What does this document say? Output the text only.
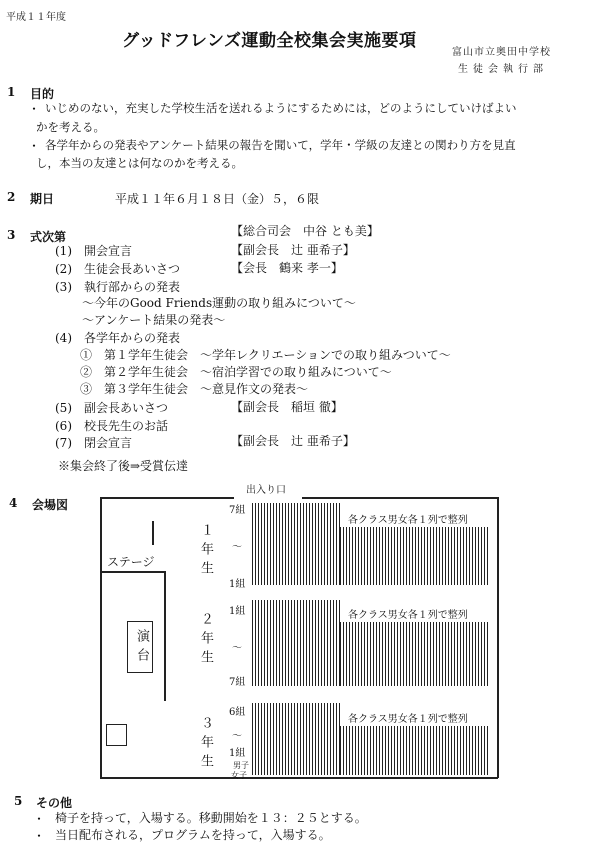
平成１１年度
グッドフレンズ運動全校集会実施要項
富山市立奥田中学校
生徒会執行部
1 目的
・ いじめのない，充実した学校生活を送れるようにするためには，どのようにしていけばよい
かを考える。
・ 各学年からの発表やアンケート結果の報告を聞いて，学年・学級の友達との関わり方を見直
し，本当の友達とは何なのかを考える。
2 期日	平成１１年６月１８日（金）５，６限
3 式次第	【総合司会　中谷 とも美】
(1)　開会宣言	【副会長　辻 亜希子】
(2)　生徒会長あいさつ	【会長　鶴来 孝一】
(3)　執行部からの発表
〜今年のGood Friends運動の取り組みについて〜
〜アンケート結果の発表〜
(4)　各学年からの発表
①　第１学年生徒会 〜学年レクリエーションでの取り組みついて〜
②　第２学年生徒会 〜宿泊学習での取り組みについて〜
③　第３学年生徒会 〜意見作文の発表〜
(5)　副会長あいさつ	【副会長　稲垣 徹】
(6)　校長先生のお話
(7)　閉会宣言	【副会長　辻 亜希子】
※集会終了後⇒受賞伝達
4 会場図
出入り口
ステージ
演台
１年生
7組
〜
1組
各クラス男女各１列で整列
２年生
1組
〜
7組
各クラス男女各１列で整列
３年生
6組
〜
1組
男子
女子
各クラス男女各１列で整列
5 その他
・ 椅子を持って，入場する。移動開始を１３：２５とする。
・ 当日配布される，プログラムを持って，入場する。
